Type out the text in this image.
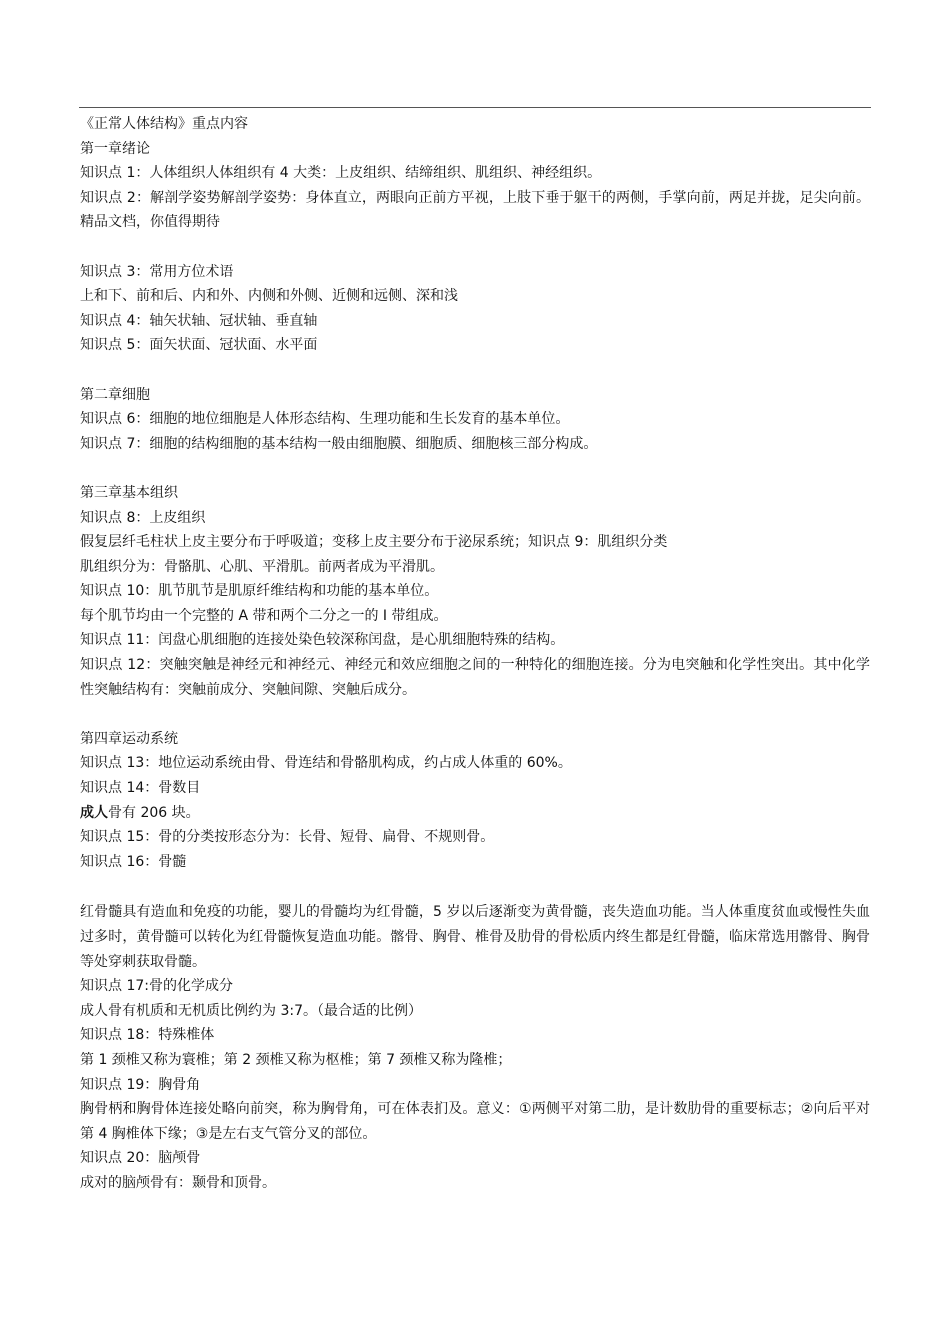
《正常人体结构》重点内容
第一章绪论
知识点 1：人体组织人体组织有 4 大类：上皮组织、结缔组织、肌组织、神经组织。
知识点 2：解剖学姿势解剖学姿势：身体直立，两眼向正前方平视，上肢下垂于躯干的两侧，手掌向前，两足并拢，足尖向前。精品文档，你值得期待
知识点 3：常用方位术语
上和下、前和后、内和外、内侧和外侧、近侧和远侧、深和浅
知识点 4：轴矢状轴、冠状轴、垂直轴
知识点 5：面矢状面、冠状面、水平面
第二章细胞
知识点 6：细胞的地位细胞是人体形态结构、生理功能和生长发育的基本单位。
知识点 7：细胞的结构细胞的基本结构一般由细胞膜、细胞质、细胞核三部分构成。
第三章基本组织
知识点 8：上皮组织
假复层纤毛柱状上皮主要分布于呼吸道；变移上皮主要分布于泌尿系统；知识点 9：肌组织分类
肌组织分为：骨骼肌、心肌、平滑肌。前两者成为平滑肌。
知识点 10：肌节肌节是肌原纤维结构和功能的基本单位。
每个肌节均由一个完整的 A 带和两个二分之一的 I 带组成。
知识点 11：闰盘心肌细胞的连接处染色较深称闰盘，是心肌细胞特殊的结构。
知识点 12：突触突触是神经元和神经元、神经元和效应细胞之间的一种特化的细胞连接。分为电突触和化学性突出。其中化学性突触结构有：突触前成分、突触间隙、突触后成分。
第四章运动系统
知识点 13：地位运动系统由骨、骨连结和骨骼肌构成，约占成人体重的 60%。
知识点 14：骨数目
成人骨有 206 块。
知识点 15：骨的分类按形态分为：长骨、短骨、扁骨、不规则骨。
知识点 16：骨髓
红骨髓具有造血和免疫的功能，婴儿的骨髓均为红骨髓，5 岁以后逐渐变为黄骨髓，丧失造血功能。当人体重度贫血或慢性失血过多时，黄骨髓可以转化为红骨髓恢复造血功能。髂骨、胸骨、椎骨及肋骨的骨松质内终生都是红骨髓，临床常选用髂骨、胸骨等处穿刺获取骨髓。
知识点 17:骨的化学成分
成人骨有机质和无机质比例约为 3:7。（最合适的比例）
知识点 18：特殊椎体
第 1 颈椎又称为寰椎；第 2 颈椎又称为枢椎；第 7 颈椎又称为隆椎；
知识点 19：胸骨角
胸骨柄和胸骨体连接处略向前突，称为胸骨角，可在体表扪及。意义：①两侧平对第二肋，是计数肋骨的重要标志；②向后平对第 4 胸椎体下缘；③是左右支气管分叉的部位。
知识点 20：脑颅骨
成对的脑颅骨有：颞骨和顶骨。
